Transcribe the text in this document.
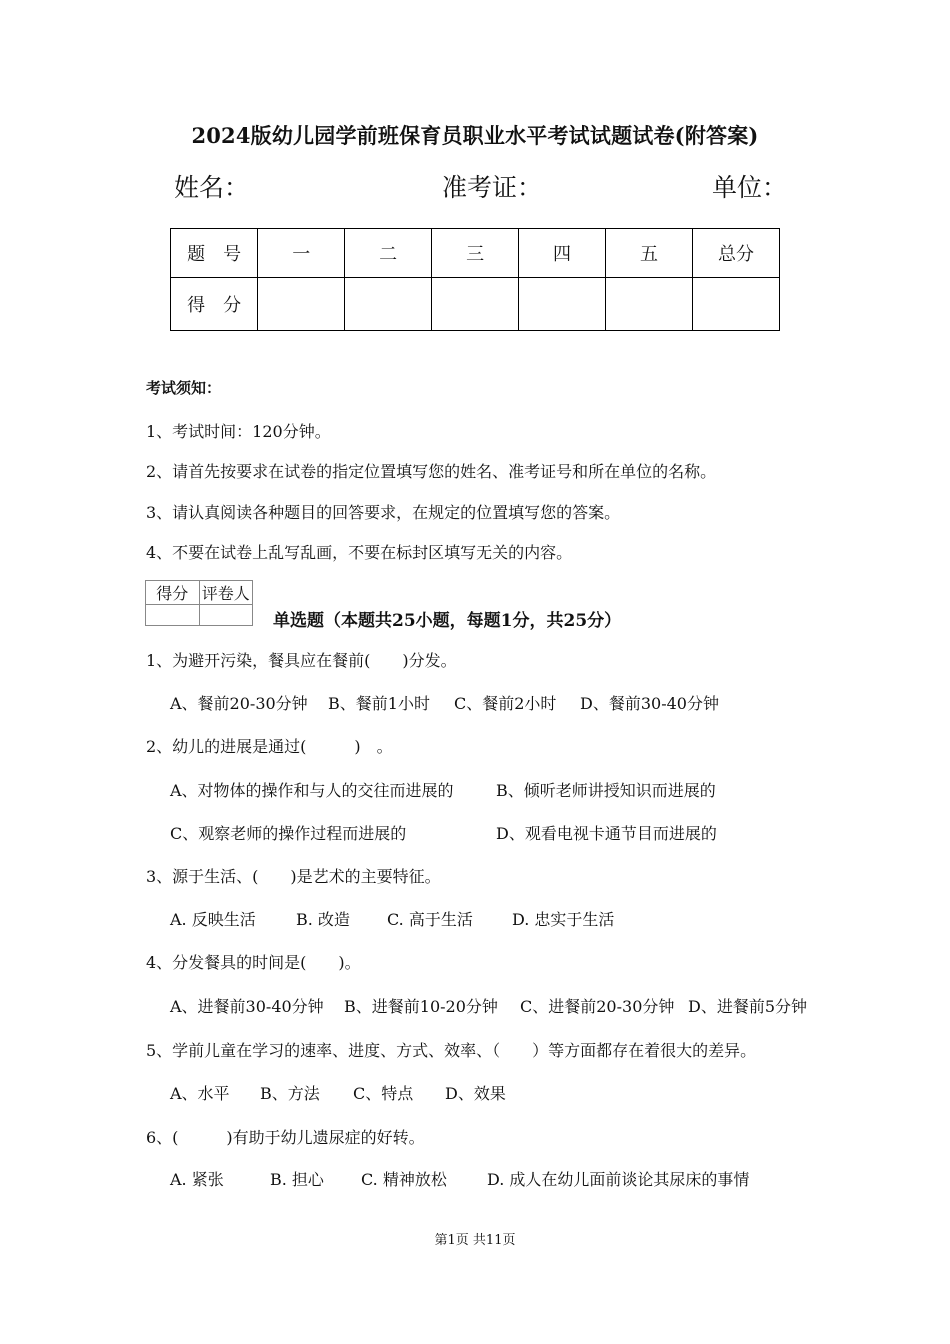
2024版幼儿园学前班保育员职业水平考试试题试卷(附答案)
姓名：	准考证：	单位：
题　号	一	二	三	四	五	总分
得　分						
考试须知：
1、考试时间：120分钟。
2、请首先按要求在试卷的指定位置填写您的姓名、准考证号和所在单位的名称。
3、请认真阅读各种题目的回答要求，在规定的位置填写您的答案。
4、不要在试卷上乱写乱画，不要在标封区填写无关的内容。
得分	评卷人

单选题（本题共25小题，每题1分，共25分）
1、为避开污染，餐具应在餐前(　　)分发。
A、餐前20-30分钟 B、餐前1小时 C、餐前2小时 D、餐前30-40分钟
2、幼儿的进展是通过(　　　)　。
A、对物体的操作和与人的交往而进展的	B、倾听老师讲授知识而进展的
C、观察老师的操作过程而进展的	D、观看电视卡通节目而进展的
3、源于生活、(　　)是艺术的主要特征。
A. 反映生活	B. 改造 C. 高于生活 D. 忠实于生活
4、分发餐具的时间是(　　)。
A、进餐前30-40分钟 B、进餐前10-20分钟 C、进餐前20-30分钟 D、进餐前5分钟
5、学前儿童在学习的速率、进度、方式、效率、（　　）等方面都存在着很大的差异。
A、水平 B、方法 C、特点 D、效果
6、(　　　)有助于幼儿遗尿症的好转。
A. 紧张	B. 担心 C. 精神放松	D. 成人在幼儿面前谈论其尿床的事情
第1页 共11页
